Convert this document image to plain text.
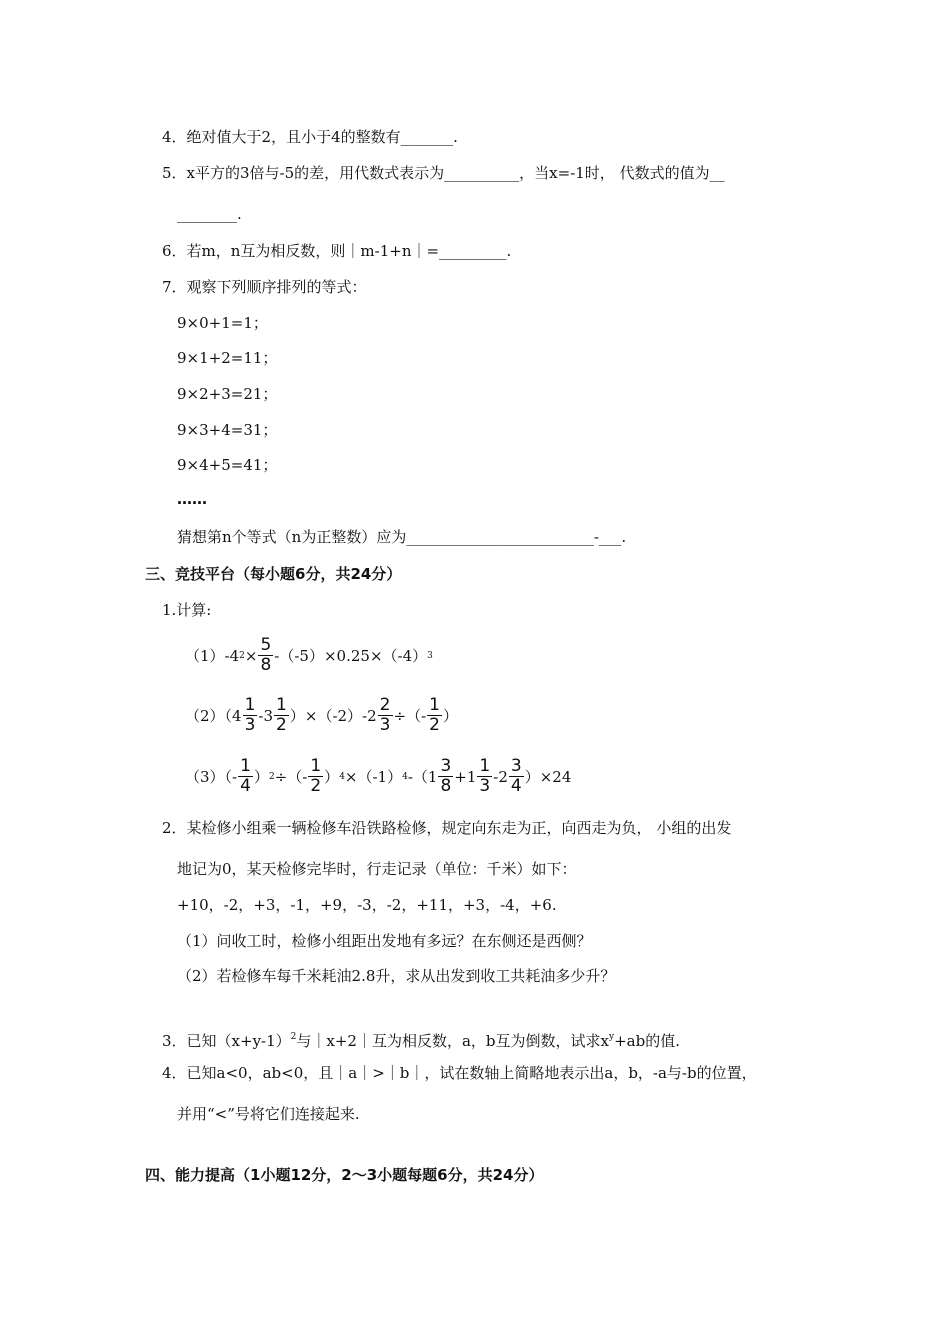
4．绝对值大于2，且小于4的整数有_______.
5．x平方的3倍与-5的差，用代数式表示为__________，当x=-1时， 代数式的值为__
________.
6．若m，n互为相反数，则｜m-1+n｜=_________.
7．观察下列顺序排列的等式：
9×0+1=1；
9×1+2=11；
9×2+3=21；
9×3+4=31；
9×4+5=41；
……
猜想第n个等式（n为正整数）应为_________________________-___.
三、竞技平台（每小题6分，共24分）
1.计算:
（1）-4 $2 \times \frac{5}{8} -(-5)\times 0.25\times(-4)$ 3
$(2)(4 \frac{1}{3} -3 \frac{1}{2} )\times(-2)-2 \frac{2}{3}$ ÷（- $\frac{1}{2}$ ）
$(3)(- \frac{1}{4}$ ） 2 ÷（- $\frac{1}{2}$ ） 4 ×（-1） 4 $-(1 \frac{3}{8} +1 \frac{1}{3} -2 \frac{3}{4} )\times 24$
2．某检修小组乘一辆检修车沿铁路检修，规定向东走为正，向西走为负， 小组的出发
地记为0，某天检修完毕时，行走记录（单位：千米）如下：
+10，-2，+3，-1，+9，-3，-2，+11，+3，-4，+6.
（1）问收工时，检修小组距出发地有多远？在东侧还是西侧？
（2）若检修车每千米耗油2.8升，求从出发到收工共耗油多少升？
3．已知$(x+y-1)^2$与｜x+2｜互为相反数，a，b互为倒数，试求$x^y+ab$的值.
4．已知a<0，ab<0，且｜a｜>｜b｜，试在数轴上简略地表示出a，b，-a与-b的位置，
并用“<”号将它们连接起来.
四、能力提高（1小题12分，2～3小题每题6分，共24分）
